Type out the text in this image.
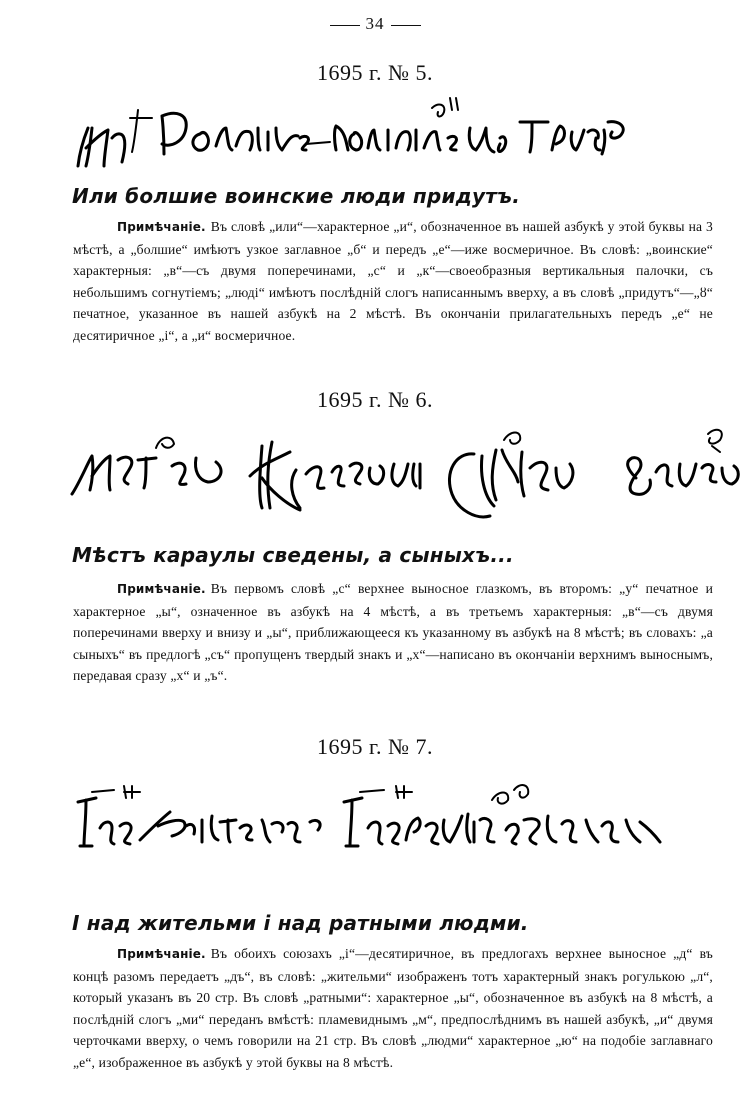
34
1695 г. № 5.
Или болшие воинские люди придутъ.
Примѣчаніе. Въ словѣ „или“—характерное „и“, обозначенное въ нашей азбукѣ у этой буквы на 3 мѣстѣ, а „болшие“ имѣютъ узкое заглавное „б“ и передъ „е“—иже восмеричное. Въ словѣ: „воинские“ характерныя: „в“—съ двумя поперечинами, „с“ и „к“—своеобразныя вертикальныя палочки, съ небольшимъ согнутіемъ; „люді“ имѣютъ послѣдній слогъ написаннымъ вверху, а въ словѣ „придутъ“—„ȣ“ печатное, указанное въ нашей азбукѣ на 2 мѣстѣ. Въ окончаніи прилагательныхъ передъ „е“ не десятиричное „і“, а „и“ восмеричное.
1695 г. № 6.
Мѣстъ караулы сведены, а сыныхъ...
Примѣчаніе. Въ первомъ словѣ „с“ верхнее выносное глазкомъ, въ второмъ: „у“ печатное и характерное „ы“, означенное въ азбукѣ на 4 мѣстѣ, а въ третьемъ характерныя: „в“—съ двумя поперечинами вверху и внизу и „ы“, приближающееся къ указанному въ азбукѣ на 8 мѣстѣ; въ словахъ: „а сыныхъ“ въ предлогѣ „съ“ пропущенъ твердый знакъ и „х“—написано въ окончаніи верхнимъ выноснымъ, передавая сразу „х“ и „ъ“.
1695 г. № 7.
І над жительми і над ратными людми.
Примѣчаніе. Въ обоихъ союзахъ „і“—десятиричное, въ предлогахъ верхнее выносное „д“ въ концѣ разомъ передаетъ „дъ“, въ словѣ: „жительми“ изображенъ тотъ характерный знакъ рогулькою „л“, который указанъ въ 20 стр. Въ словѣ „ратными“: характерное „ы“, обозначенное въ азбукѣ на 8 мѣстѣ, а послѣдній слогъ „ми“ переданъ вмѣстѣ: пламевиднымъ „м“, предпослѣднимъ въ нашей азбукѣ, „и“ двумя черточками вверху, о чемъ говорили на 21 стр. Въ словѣ „людми“ характерное „ю“ на подобіе заглавнаго „е“, изображенное въ азбукѣ у этой буквы на 8 мѣстѣ.
